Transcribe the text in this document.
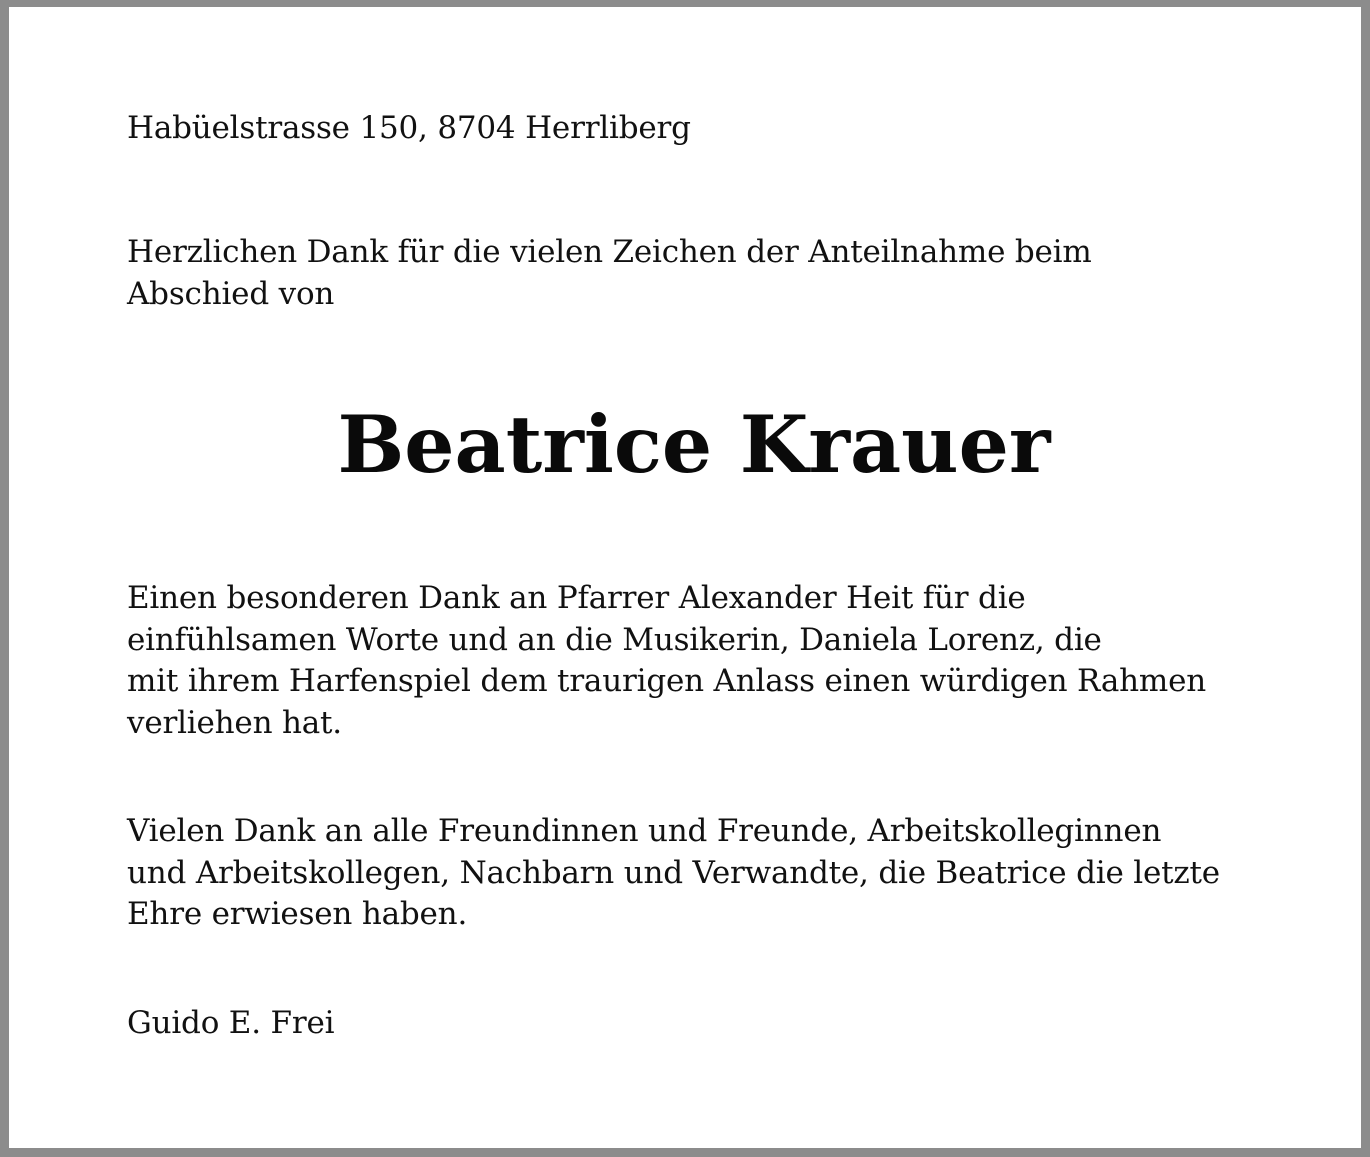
Habüelstrasse 150, 8704 Herrliberg
Herzlichen Dank für die vielen Zeichen der Anteilnahme beim
Abschied von
Beatrice Krauer
Einen besonderen Dank an Pfarrer Alexander Heit für die
einfühlsamen Worte und an die Musikerin, Daniela Lorenz, die
mit ihrem Harfenspiel dem traurigen Anlass einen würdigen Rahmen
verliehen hat.
Vielen Dank an alle Freundinnen und Freunde, Arbeitskolleginnen
und Arbeitskollegen, Nachbarn und Verwandte, die Beatrice die letzte
Ehre erwiesen haben.
Guido E. Frei
